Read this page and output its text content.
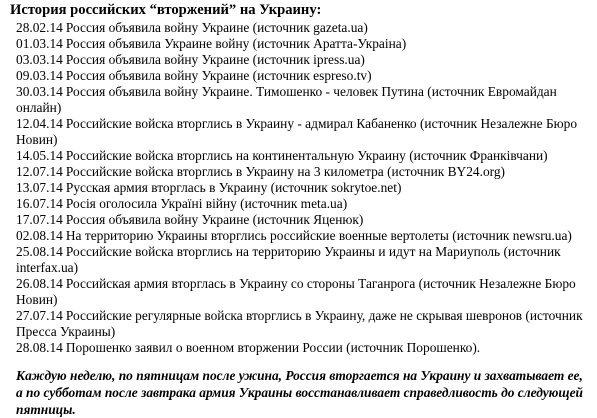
История российских “вторжений” на Украину:
28.02.14 Россия объявила войну Украине (источник gazeta.ua)
01.03.14 Россия объявила Украине войну (источник Аратта-Украiна)
03.03.14 Россия объявила войну Украине (источник ipress.ua)
09.03.14 Россия объявила войну Украине (источник espreso.tv)
30.03.14 Россия объявила войну Украине. Тимошенко - человек Путина (источник Евромайдан онлайн)
12.04.14 Российские войска вторглись в Украину - адмирал Кабаненко (источник Незалежне Бюро Новин)
14.05.14 Российские войска вторглись на континентальную Украину (источник Франківчани)
12.07.14 Российские войска вторглись в Украину на 3 километра (источник BY24.org)
13.07.14 Русская армия вторглась в Украину (источник sokrytoe.net)
16.07.14 Росія оголосила Україні війну (источник meta.ua)
17.07.14 Россия объявила войну Украине (источник Яценюк)
02.08.14 На территорию Украины вторглись российские военные вертолеты (источник newsru.ua)
25.08.14 Российские войска вторглись на территорию Украины и идут на Мариуполь (источник interfax.ua)
26.08.14 Российская армия вторглась в Украину со стороны Таганрога (источник Незалежне Бюро Новин)
27.07.14 Российские регулярные войска вторглись в Украину, даже не скрывая шевронов (источник Пресса Украины)
28.08.14 Порошенко заявил о военном вторжении России (источник Порошенко).

Каждую неделю, по пятницам после ужина, Россия вторгается на Украину и захватывает ее, а по субботам после завтрака армия Украины восстанавливает справедливость до следующей пятницы.
